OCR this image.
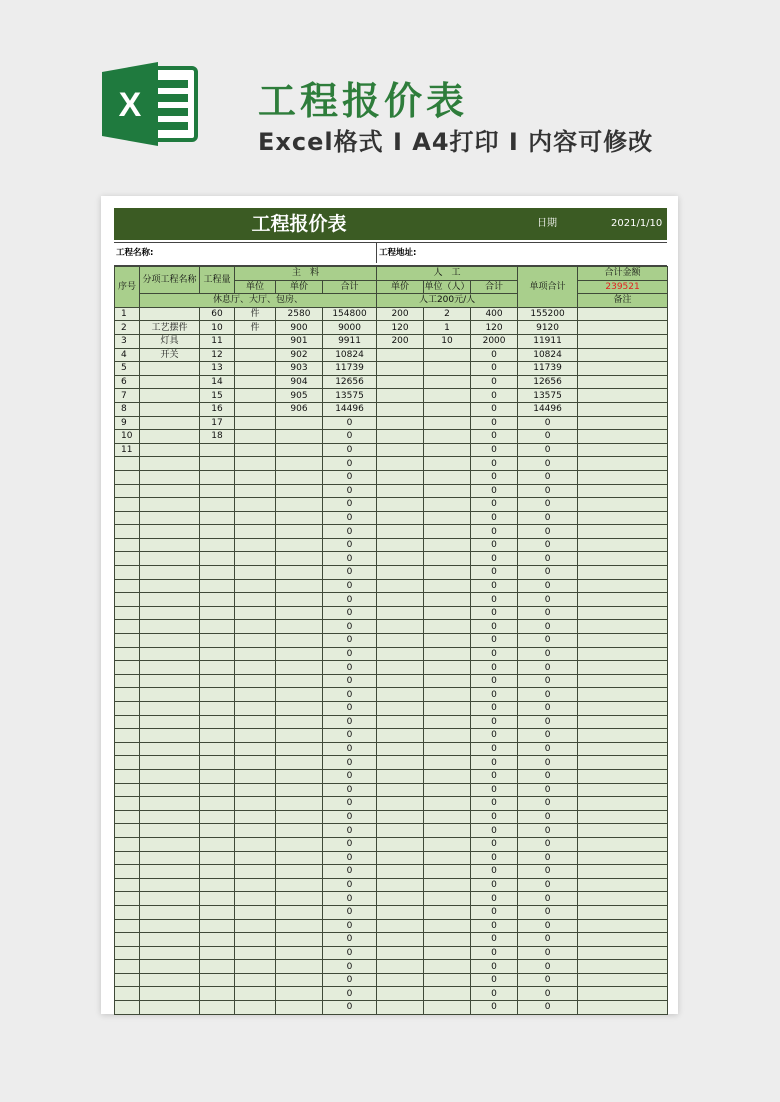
X	工程报价表
Excel格式 I A4打印 I 内容可修改
工程报价表	日期	2021/1/10
工程名称:	工程地址:
序号	分项工程名称	工程量	主　料			人　工			单项合计	合计金额
			单位	单价	合计	单价	单位（人）	合计		239521
	休息厅、大厅、包房、					人工200元/人				备注
1		60	件	2580	154800	200	2	400	155200	
2	工艺摆件	10	件	900	9000	120	1	120	9120	
3	灯具	11		901	9911	200	10	2000	11911	
4	开关	12		902	10824			0	10824	
5		13		903	11739			0	11739	
6		14		904	12656			0	12656	
7		15		905	13575			0	13575	
8		16		906	14496			0	14496	
9		17			0			0	0	
10		18			0			0	0	
11					0			0	0	
					0			0	0	
					0			0	0	
					0			0	0	
					0			0	0	
					0			0	0	
					0			0	0	
					0			0	0	
					0			0	0	
					0			0	0	
					0			0	0	
					0			0	0	
					0			0	0	
					0			0	0	
					0			0	0	
					0			0	0	
					0			0	0	
					0			0	0	
					0			0	0	
					0			0	0	
					0			0	0	
					0			0	0	
					0			0	0	
					0			0	0	
					0			0	0	
					0			0	0	
					0			0	0	
					0			0	0	
					0			0	0	
					0			0	0	
					0			0	0	
					0			0	0	
					0			0	0	
					0			0	0	
					0			0	0	
					0			0	0	
					0			0	0	
					0			0	0	
					0			0	0	
					0			0	0	
					0			0	0	
					0			0	0	
